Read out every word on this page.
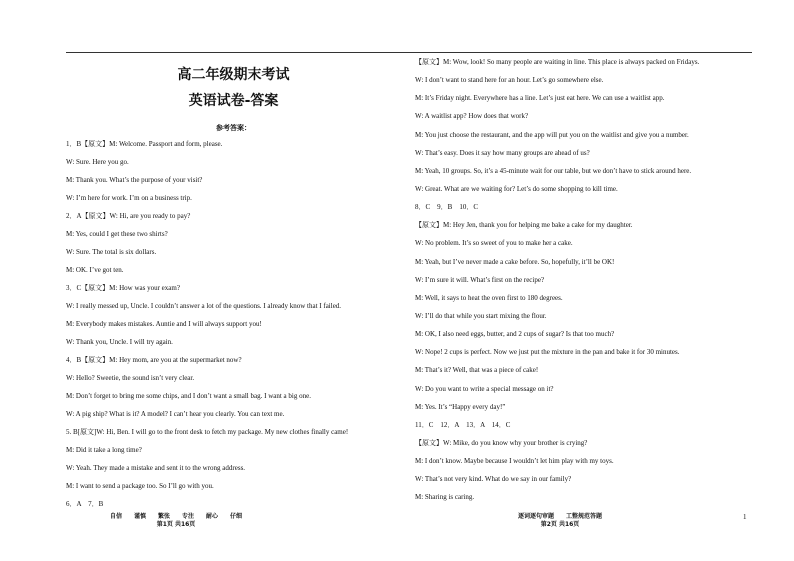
高二年级期末考试
英语试卷-答案
参考答案：
1．B【原文】M: Welcome. Passport and form, please.
W: Sure. Here you go.
M: Thank you. What’s the purpose of your visit?
W: I’m here for work. I’m on a business trip.
2．A【原文】W: Hi, are you ready to pay?
M: Yes, could I get these two shirts?
W: Sure. The total is six dollars.
M: OK. I’ve got ten.
3．C【原文】M: How was your exam?
W: I really messed up, Uncle. I couldn’t answer a lot of the questions. I already know that I failed.
M: Everybody makes mistakes. Auntie and I will always support you!
W: Thank you, Uncle. I will try again.
4．B【原文】M: Hey mom, are you at the supermarket now?
W: Hello? Sweetie, the sound isn’t very clear.
M: Don’t forget to bring me some chips, and I don’t want a small bag. I want a big one.
W: A pig ship? What is it? A model? I can’t hear you clearly. You can text me.
5. B[原文]W: Hi, Ben. I will go to the front desk to fetch my package. My new clothes finally came!
M: Did it take a long time?
W: Yeah. They made a mistake and sent it to the wrong address.
M: I want to send a package too. So I’ll go with you.
6．A　7．B
【原文】M: Wow, look! So many people are waiting in line. This place is always packed on Fridays.
W: I don’t want to stand here for an hour. Let’s go somewhere else.
M: It’s Friday night. Everywhere has a line. Let’s just eat here. We can use a waitlist app.
W: A waitlist app? How does that work?
M: You just choose the restaurant, and the app will put you on the waitlist and give you a number.
W: That’s easy. Does it say how many groups are ahead of us?
M: Yeah, 10 groups. So, it’s a 45-minute wait for our table, but we don’t have to stick around here.
W: Great. What are we waiting for? Let’s do some shopping to kill time.
8．C　9．B　10．C
【原文】M: Hey Jen, thank you for helping me bake a cake for my daughter.
W: No problem. It’s so sweet of you to make her a cake.
M: Yeah, but I’ve never made a cake before. So, hopefully, it’ll be OK!
W: I’m sure it will. What’s first on the recipe?
M: Well, it says to heat the oven first to 180 degrees.
W: I’ll do that while you start mixing the flour.
M: OK, I also need eggs, butter, and 2 cups of sugar? Is that too much?
W: Nope! 2 cups is perfect. Now we just put the mixture in the pan and bake it for 30 minutes.
M: That’s it? Well, that was a piece of cake!
W: Do you want to write a special message on it?
M: Yes. It’s “Happy every day!”
11．C　12．A　13．A　14．C
【原文】W: Mike, do you know why your brother is crying?
M: I don’t know. Maybe because I wouldn’t let him play with my toys.
W: That’s not very kind. What do we say in our family?
M: Sharing is caring.
自信　　谨慎　　繁张　　专注　　耐心　　仔细
第1页 共16页
逐词逐句审题　　工整规范答题
第2页 共16页
1
